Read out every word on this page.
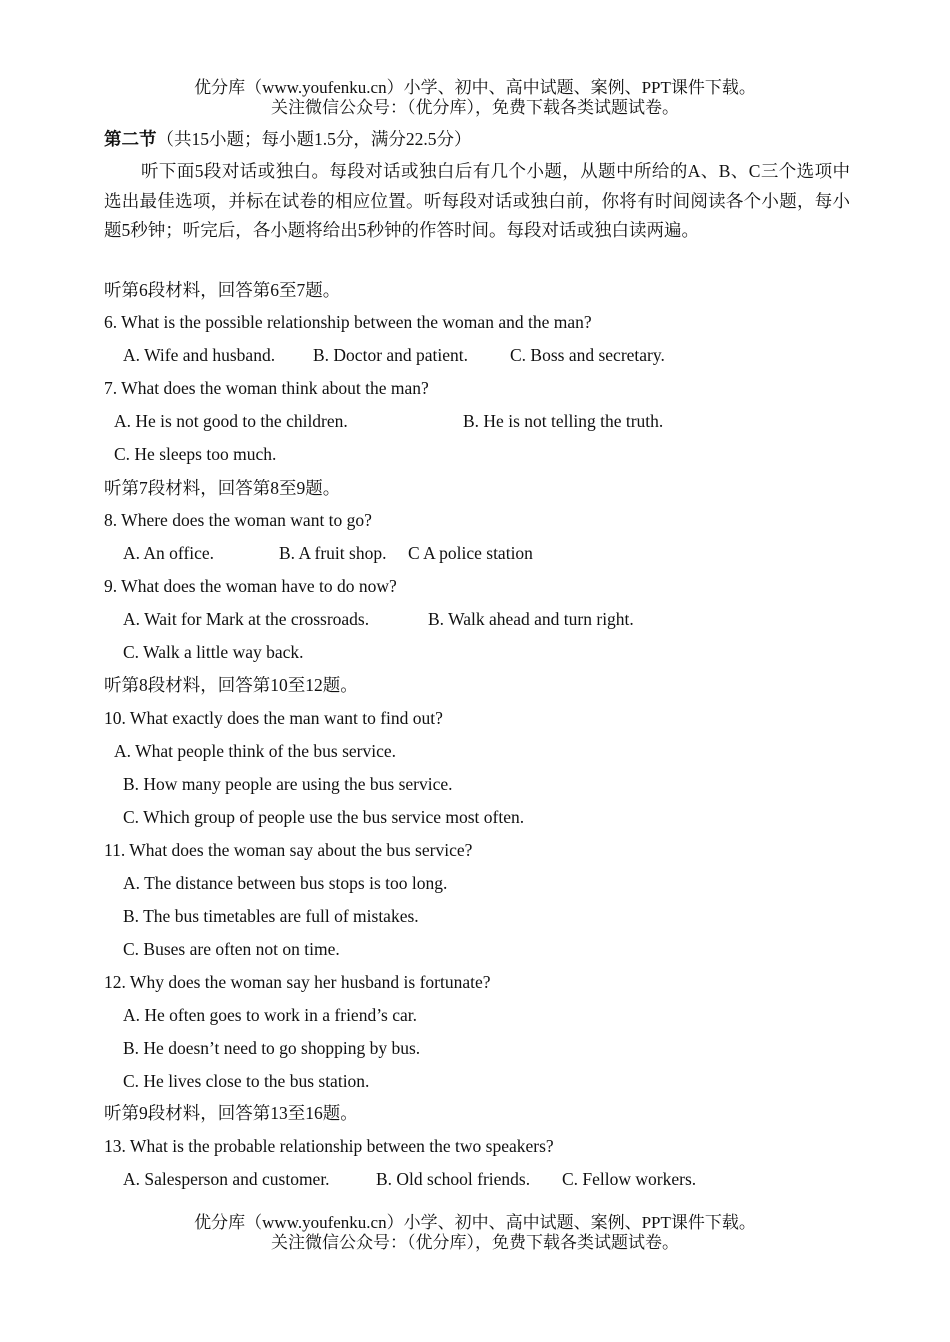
优分库（www.youfenku.cn）小学、初中、高中试题、案例、PPT课件下载。
关注微信公众号：（优分库），免费下载各类试题试卷。
第二节（共15小题；每小题1.5分，满分22.5分）
听下面5段对话或独白。每段对话或独白后有几个小题，从题中所给的A、B、C三个选项中选出最佳选项，并标在试卷的相应位置。听每段对话或独白前，你将有时间阅读各个小题，每小题5秒钟；听完后，各小题将给出5秒钟的作答时间。每段对话或独白读两遍。
听第6段材料，回答第6至7题。
6. What is the possible relationship between the woman and the man?
A. Wife and husband. B. Doctor and patient. C. Boss and secretary.
7. What does the woman think about the man?
A. He is not good to the children.	B. He is not telling the truth.
C. He sleeps too much.
听第7段材料，回答第8至9题。
8. Where does the woman want to go?
A. An office.	B. A fruit shop. C A police station
9. What does the woman have to do now?
A. Wait for Mark at the crossroads.	B. Walk ahead and turn right.
C. Walk a little way back.
听第8段材料，回答第10至12题。
10. What exactly does the man want to find out?
A. What people think of the bus service.
B. How many people are using the bus service.
C. Which group of people use the bus service most often.
11. What does the woman say about the bus service?
A. The distance between bus stops is too long.
B. The bus timetables are full of mistakes.
C. Buses are often not on time.
12. Why does the woman say her husband is fortunate?
A. He often goes to work in a friend’s car.
B. He doesn’t need to go shopping by bus.
C. He lives close to the bus station.
听第9段材料，回答第13至16题。
13. What is the probable relationship between the two speakers?
A. Salesperson and customer.	B. Old school friends. C. Fellow workers.
优分库（www.youfenku.cn）小学、初中、高中试题、案例、PPT课件下载。
关注微信公众号：（优分库），免费下载各类试题试卷。
